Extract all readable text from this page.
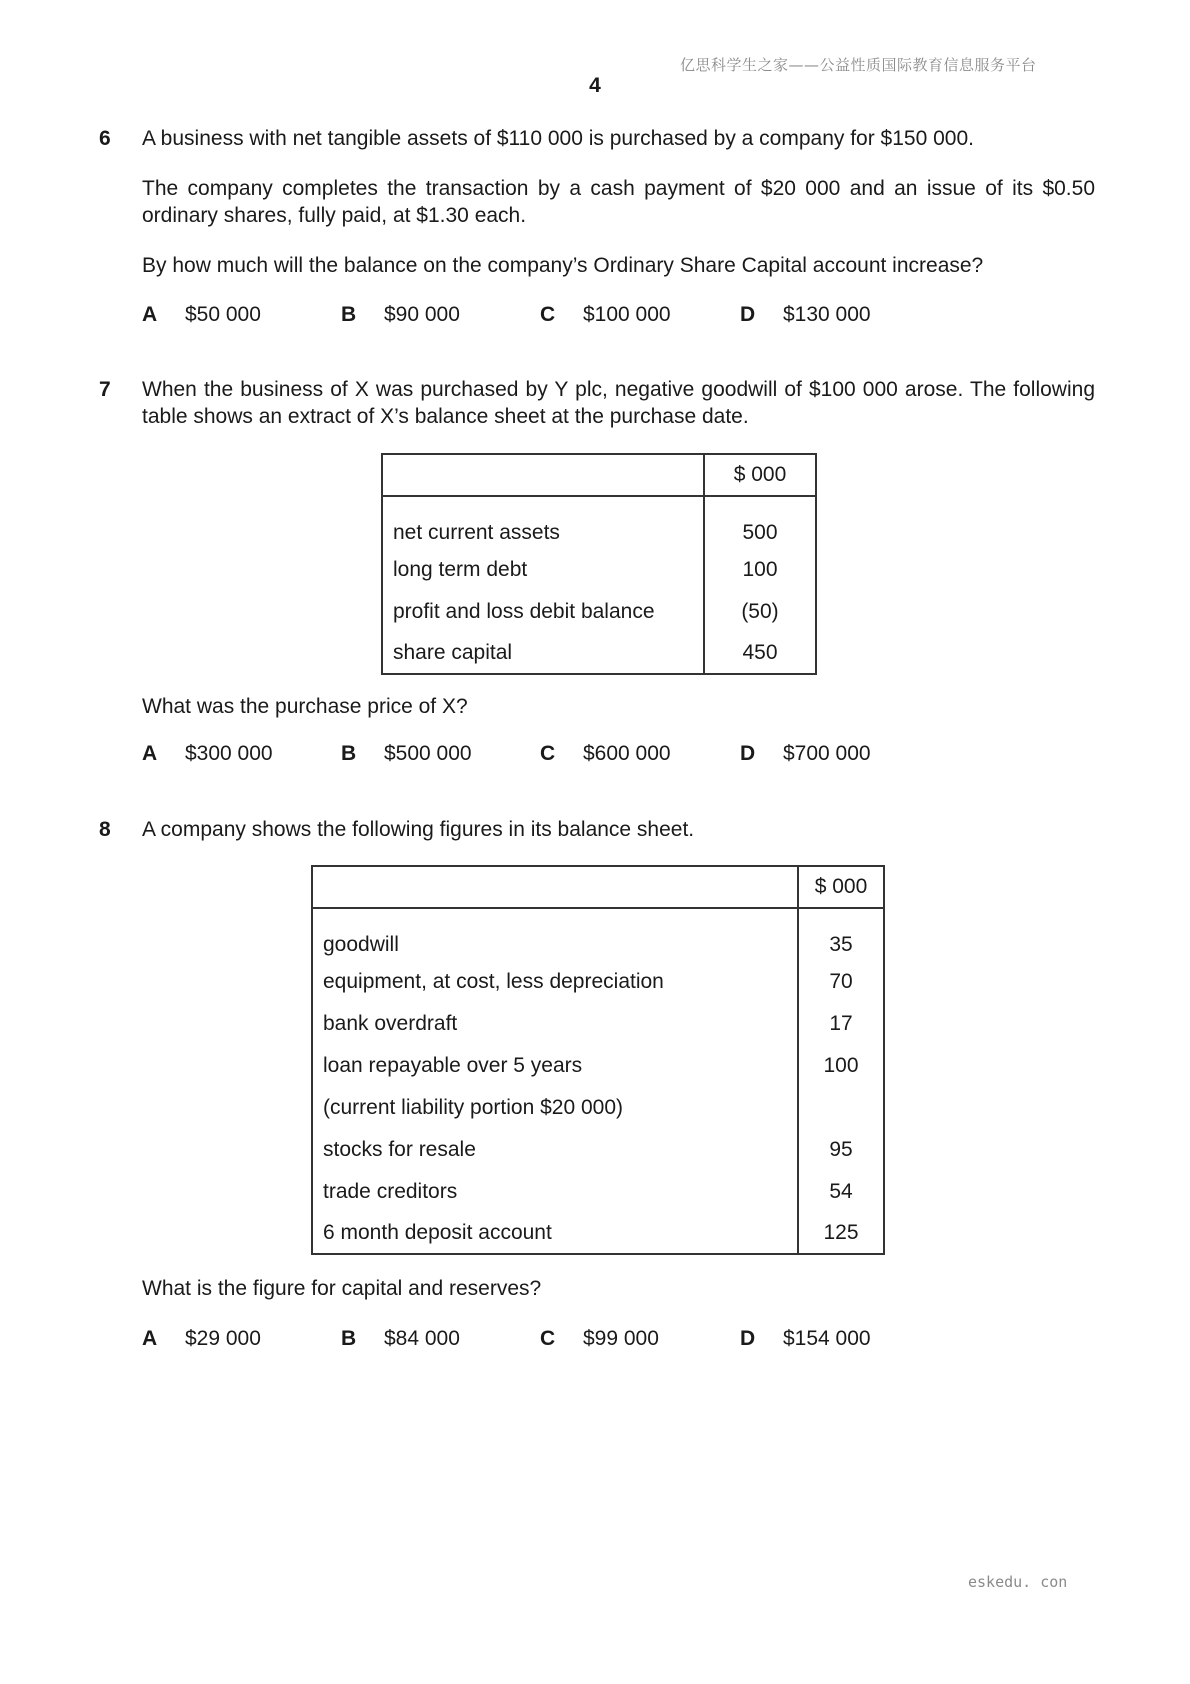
亿思科学生之家——公益性质国际教育信息服务平台
4
6 A business with net tangible assets of $110 000 is purchased by a company for $150 000.

The company completes the transaction by a cash payment of $20 000 and an issue of its $0.50 ordinary shares, fully paid, at $1.30 each.

By how much will the balance on the company’s Ordinary Share Capital account increase?

A $50 000	B $90 000	C $100 000	D $130 000
7 When the business of X was purchased by Y plc, negative goodwill of $100 000 arose. The following table shows an extract of X’s balance sheet at the purchase date.

	$ 000
net current assets	500
long term debt	100
profit and loss debit balance	(50)
share capital	450
What was the purchase price of X?
A $300 000	B $500 000	C $600 000	D $700 000
8 A company shows the following figures in its balance sheet.

	$ 000
goodwill	35
equipment, at cost, less depreciation	70
bank overdraft	17
loan repayable over 5 years	100
(current liability portion $20 000)	
stocks for resale	95
trade creditors	54
6 month deposit account	125
What is the figure for capital and reserves?
A $29 000	B $84 000	C $99 000	D $154 000
eskedu. con
